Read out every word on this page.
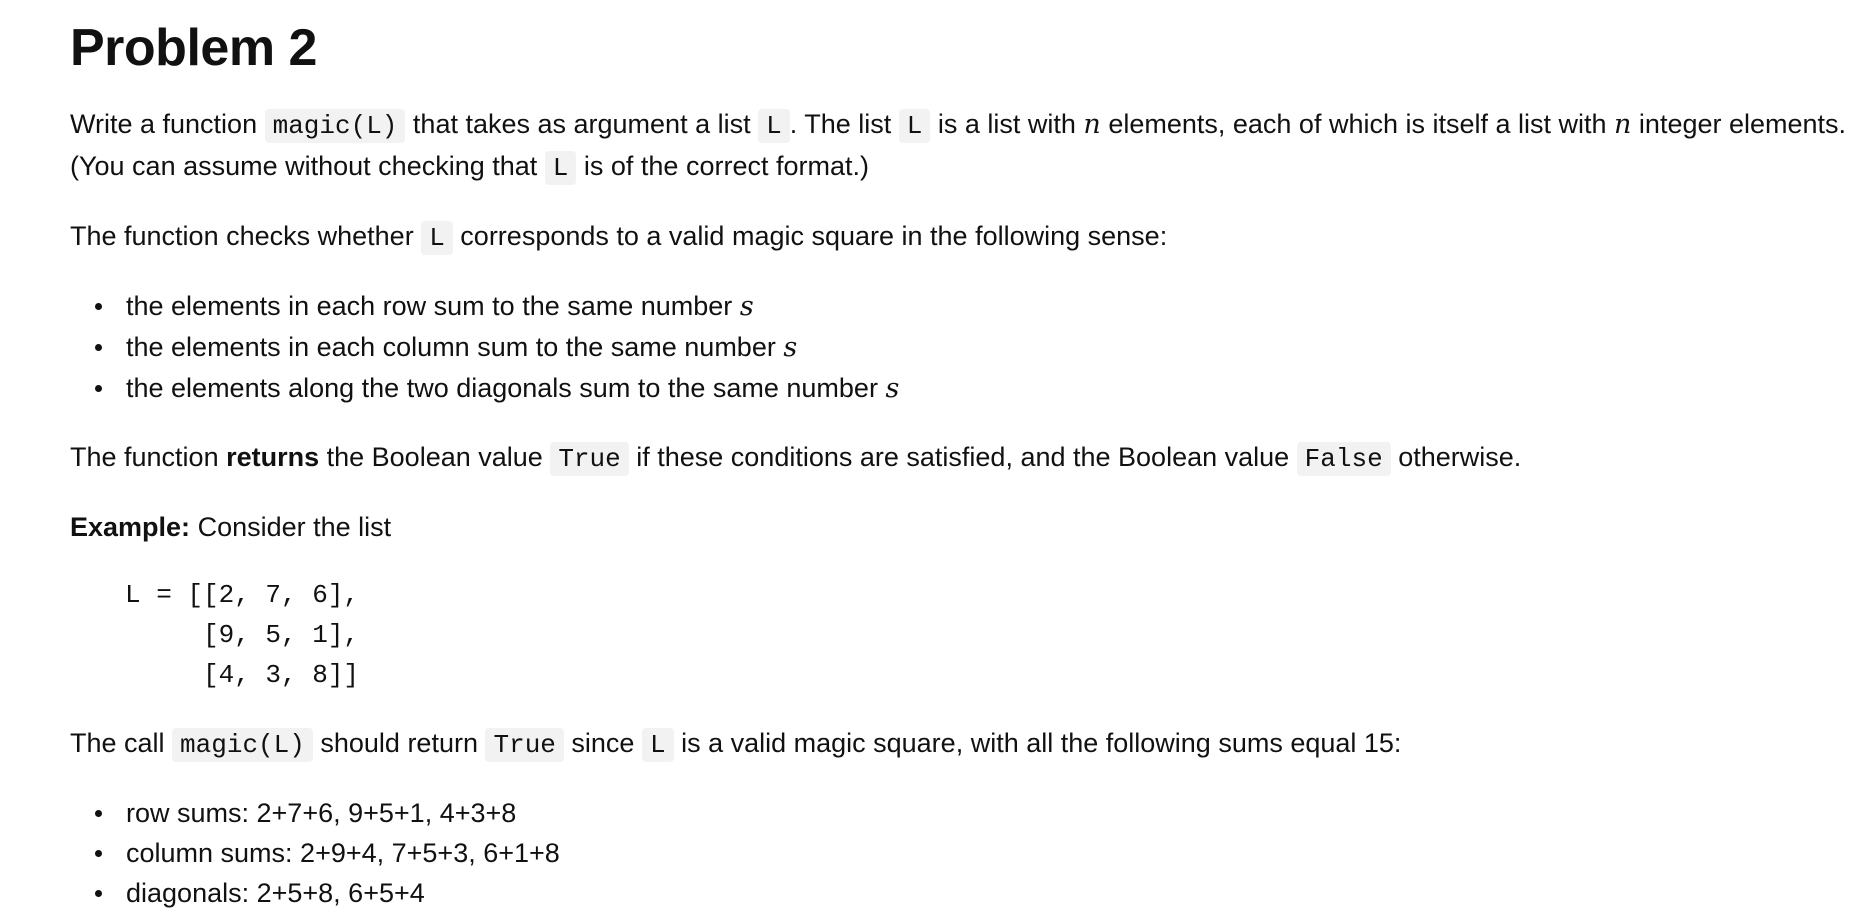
Problem 2

Write a function magic(L) that takes as argument a list L . The list L is a list with n elements, each of which is itself a list with n integer elements. (You can assume without checking that L is of the correct format.)

The function checks whether L corresponds to a valid magic square in the following sense:

the elements in each row sum to the same number s
the elements in each column sum to the same number s
the elements along the two diagonals sum to the same number s

The function returns the Boolean value True if these conditions are satisfied, and the Boolean value False otherwise.

Example: Consider the list

L = [[2, 7, 6],
[9, 5, 1],
[4, 3, 8]]

The call magic(L) should return True since L is a valid magic square, with all the following sums equal 15:

row sums: 2+7+6, 9+5+1, 4+3+8
column sums: 2+9+4, 7+5+3, 6+1+8
diagonals: 2+5+8, 6+5+4
